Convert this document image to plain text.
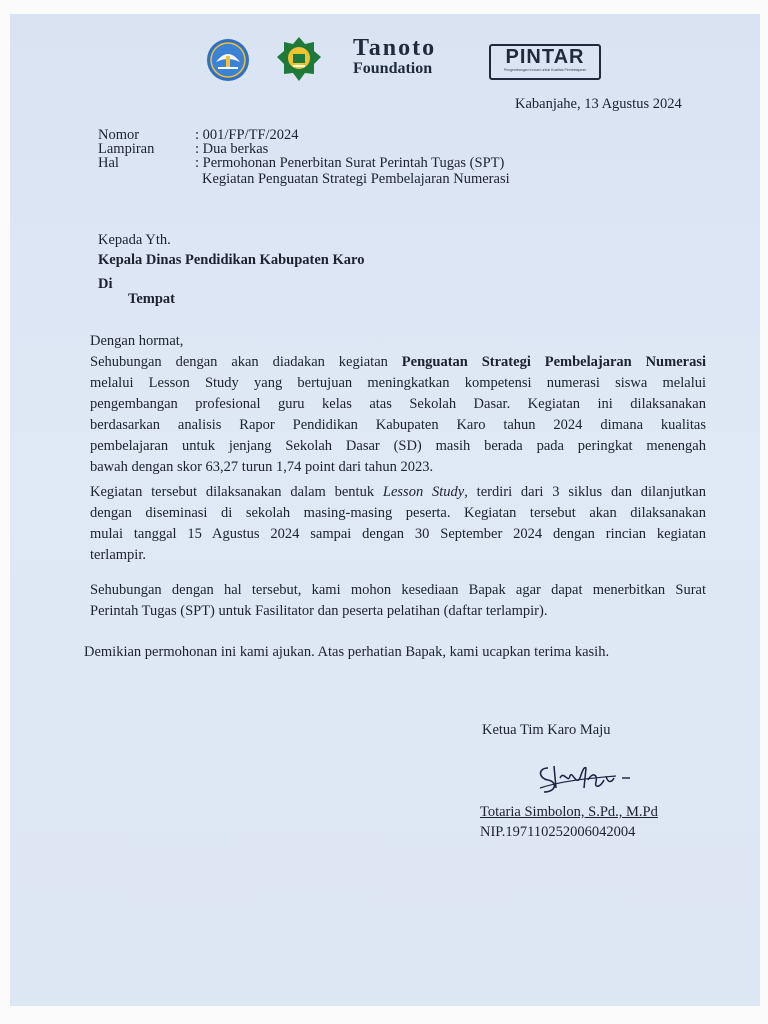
Tanoto
Foundation
PINTAR
Pengembangan Inovasi untuk Kualitas Pembelajaran
Kabanjahe, 13 Agustus 2024
Nomor	: 001/FP/TF/2024
Lampiran	: Dua berkas
Hal	: Permohonan Penerbitan Surat Perintah Tugas (SPT)
Kegiatan Penguatan Strategi Pembelajaran Numerasi
Kepada Yth.
Kepala Dinas Pendidikan Kabupaten Karo
Di
Tempat
Dengan hormat,
Sehubungan dengan akan diadakan kegiatan Penguatan Strategi Pembelajaran Numerasi
melalui Lesson Study yang bertujuan meningkatkan kompetensi numerasi siswa melalui
pengembangan profesional guru kelas atas Sekolah Dasar. Kegiatan ini dilaksanakan
berdasarkan analisis Rapor Pendidikan Kabupaten Karo tahun 2024 dimana kualitas
pembelajaran untuk jenjang Sekolah Dasar (SD) masih berada pada peringkat menengah
bawah dengan skor 63,27 turun 1,74 point dari tahun 2023.
Kegiatan tersebut dilaksanakan dalam bentuk Lesson Study, terdiri dari 3 siklus dan dilanjutkan
dengan diseminasi di sekolah masing-masing peserta. Kegiatan tersebut akan dilaksanakan
mulai tanggal 15 Agustus 2024 sampai dengan 30 September 2024 dengan rincian kegiatan
terlampir.
Sehubungan dengan hal tersebut, kami mohon kesediaan Bapak agar dapat menerbitkan Surat
Perintah Tugas (SPT) untuk Fasilitator dan peserta pelatihan (daftar terlampir).
Demikian permohonan ini kami ajukan. Atas perhatian Bapak, kami ucapkan terima kasih.
Ketua Tim Karo Maju
Totaria Simbolon, S.Pd., M.Pd
NIP.197110252006042004
